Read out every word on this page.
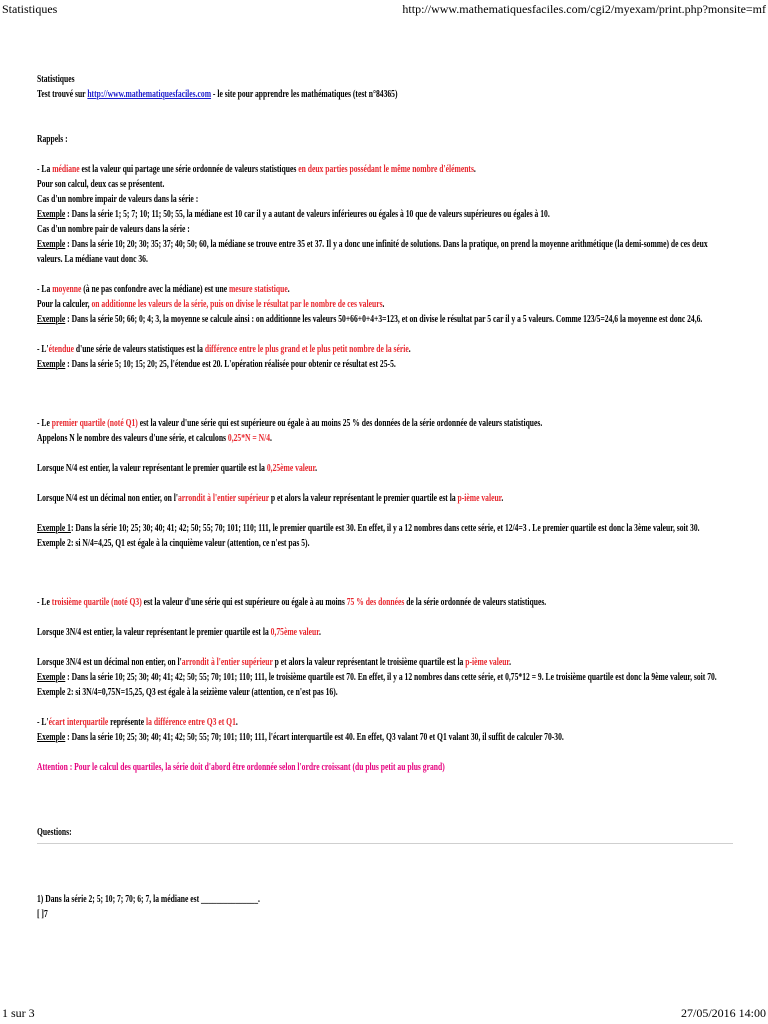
Statistiques	http://www.mathematiquesfaciles.com/cgi2/myexam/print.php?monsite=mf
Statistiques
Test trouvé sur http://www.mathematiquesfaciles.com - le site pour apprendre les mathématiques (test n°84365)
Rappels :
- La médiane est la valeur qui partage une série ordonnée de valeurs statistiques en deux parties possédant le même nombre d'éléments.
Pour son calcul, deux cas se présentent.
Cas d'un nombre impair de valeurs dans la série :
Exemple : Dans la série 1; 5; 7; 10; 11; 50; 55, la médiane est 10 car il y a autant de valeurs inférieures ou égales à 10 que de valeurs supérieures ou égales à 10.
Cas d'un nombre pair de valeurs dans la série :
Exemple : Dans la série 10; 20; 30; 35; 37; 40; 50; 60, la médiane se trouve entre 35 et 37. Il y a donc une infinité de solutions. Dans la pratique, on prend la moyenne arithmétique (la demi-somme) de ces deux valeurs. La médiane vaut donc 36.
- La moyenne (à ne pas confondre avec la médiane) est une mesure statistique.
Pour la calculer, on additionne les valeurs de la série, puis on divise le résultat par le nombre de ces valeurs.
Exemple : Dans la série 50; 66; 0; 4; 3, la moyenne se calcule ainsi : on additionne les valeurs 50+66+0+4+3=123, et on divise le résultat par 5 car il y a 5 valeurs. Comme 123/5=24,6 la moyenne est donc 24,6.
- L'étendue d'une série de valeurs statistiques est la différence entre le plus grand et le plus petit nombre de la série.
Exemple : Dans la série 5; 10; 15; 20; 25, l'étendue est 20. L'opération réalisée pour obtenir ce résultat est 25-5.
- Le premier quartile (noté Q1) est la valeur d'une série qui est supérieure ou égale à au moins 25 % des données de la série ordonnée de valeurs statistiques.
Appelons N le nombre des valeurs d'une série, et calculons 0,25*N = N/4.
Lorsque N/4 est entier, la valeur représentant le premier quartile est la 0,25ème valeur.
Lorsque N/4 est un décimal non entier, on l'arrondit à l'entier supérieur p et alors la valeur représentant le premier quartile est la p-ième valeur.
Exemple 1: Dans la série 10; 25; 30; 40; 41; 42; 50; 55; 70; 101; 110; 111, le premier quartile est 30. En effet, il y a 12 nombres dans cette série, et 12/4=3 . Le premier quartile est donc la 3ème valeur, soit 30.
Exemple 2: si N/4=4,25, Q1 est égale à la cinquième valeur (attention, ce n'est pas 5).
- Le troisième quartile (noté Q3) est la valeur d'une série qui est supérieure ou égale à au moins 75 % des données de la série ordonnée de valeurs statistiques.
Lorsque 3N/4 est entier, la valeur représentant le premier quartile est la 0,75ème valeur.
Lorsque 3N/4 est un décimal non entier, on l'arrondit à l'entier supérieur p et alors la valeur représentant le troisième quartile est la p-ième valeur.
Exemple : Dans la série 10; 25; 30; 40; 41; 42; 50; 55; 70; 101; 110; 111, le troisième quartile est 70. En effet, il y a 12 nombres dans cette série, et 0,75*12 = 9. Le troisième quartile est donc la 9ème valeur, soit 70.
Exemple 2: si 3N/4=0,75N=15,25, Q3 est égale à la seizième valeur (attention, ce n'est pas 16).
- L'écart interquartile représente la différence entre Q3 et Q1.
Exemple : Dans la série 10; 25; 30; 40; 41; 42; 50; 55; 70; 101; 110; 111, l'écart interquartile est 40. En effet, Q3 valant 70 et Q1 valant 30, il suffit de calculer 70-30.
Attention : Pour le calcul des quartiles, la série doit d'abord être ordonnée selon l'ordre croissant (du plus petit au plus grand)
Questions:
1) Dans la série 2; 5; 10; 7; 70; 6; 7, la médiane est _______________.
[ ]7
1 sur 3	27/05/2016 14:00
